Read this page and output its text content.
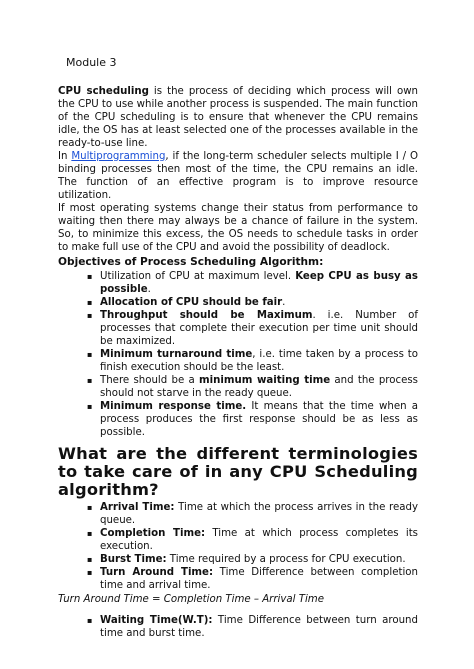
Module 3

CPU scheduling is the process of deciding which process will own the CPU to use while another process is suspended. The main function of the CPU scheduling is to ensure that whenever the CPU remains idle, the OS has at least selected one of the processes available in the ready-to-use line.

In Multiprogramming, if the long-term scheduler selects multiple I / O binding processes then most of the time, the CPU remains an idle. The function of an effective program is to improve resource utilization.

If most operating systems change their status from performance to waiting then there may always be a chance of failure in the system. So, to minimize this excess, the OS needs to schedule tasks in order to make full use of the CPU and avoid the possibility of deadlock.

Objectives of Process Scheduling Algorithm:
▪ Utilization of CPU at maximum level. Keep CPU as busy as possible.
▪ Allocation of CPU should be fair.
▪ Throughput should be Maximum. i.e. Number of processes that complete their execution per time unit should be maximized.
▪ Minimum turnaround time, i.e. time taken by a process to finish execution should be the least.
▪ There should be a minimum waiting time and the process should not starve in the ready queue.
▪ Minimum response time. It means that the time when a process produces the first response should be as less as possible.
What are the different terminologies to take care of in any CPU Scheduling algorithm?
▪ Arrival Time: Time at which the process arrives in the ready queue.
▪ Completion Time: Time at which process completes its execution.
▪ Burst Time: Time required by a process for CPU execution.
▪ Turn Around Time: Time Difference between completion time and arrival time.
Turn Around Time = Completion Time – Arrival Time
▪ Waiting Time(W.T): Time Difference between turn around time and burst time.
